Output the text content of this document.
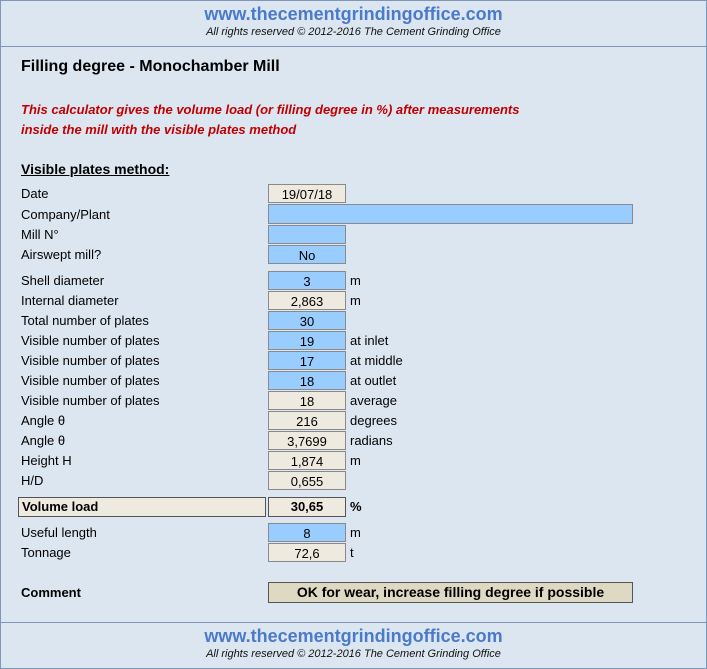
www.thecementgrindingoffice.com
All rights reserved © 2012-2016 The Cement Grinding Office
Filling degree - Monochamber Mill
This calculator gives the volume load (or filling degree in %) after measurements
inside the mill with the visible plates method
Visible plates method:
Date	19/07/18
Company/Plant
Mill N°
Airswept mill?	No
Shell diameter	3	m
Internal diameter	2,863	m
Total number of plates	30
Visible number of plates	19	at inlet
Visible number of plates	17	at middle
Visible number of plates	18	at outlet
Visible number of plates	18	average
Angle θ	216	degrees
Angle θ	3,7699	radians
Height H	1,874	m
H/D	0,655
Volume load	30,65	%
Useful length	8	m
Tonnage	72,6	t
Comment	OK for wear, increase filling degree if possible
www.thecementgrindingoffice.com
All rights reserved © 2012-2016 The Cement Grinding Office
